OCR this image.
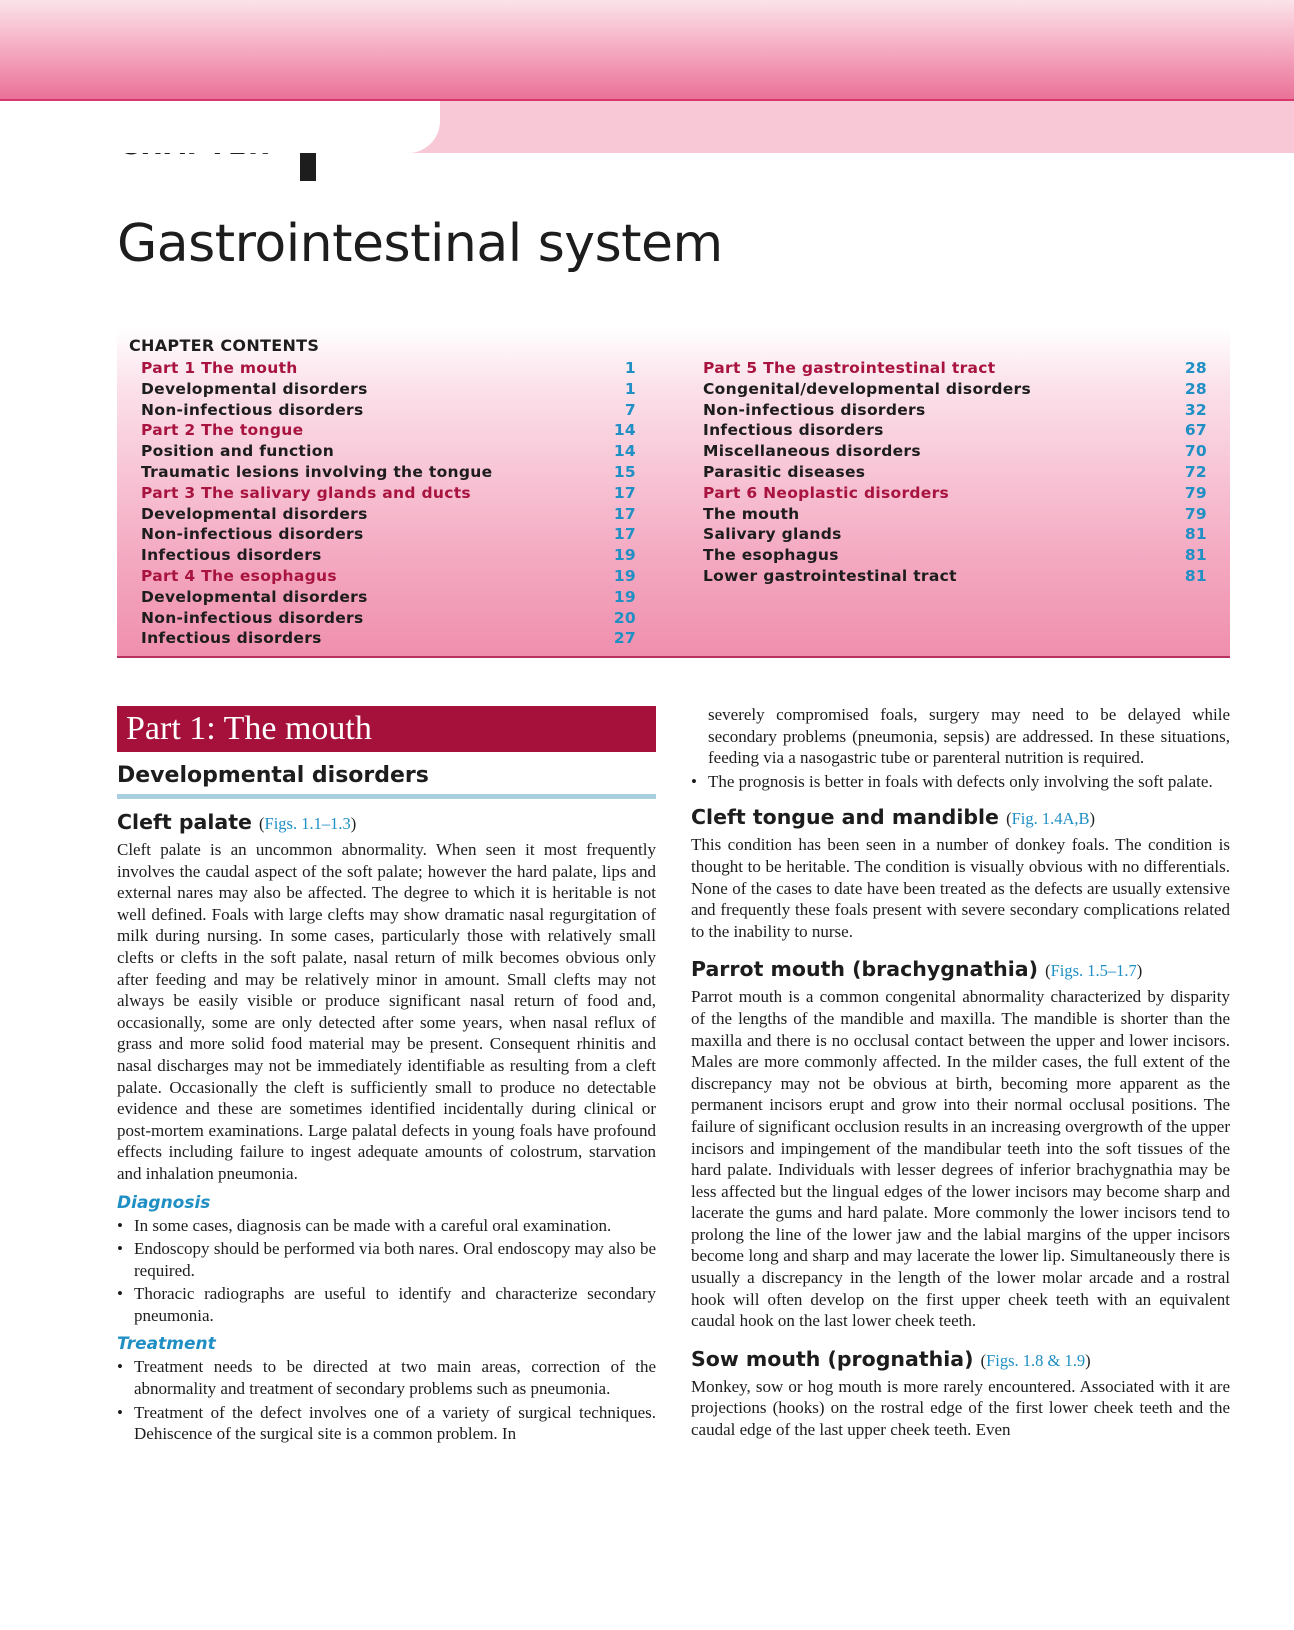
Gastrointestinal system
CHAPTER CONTENTS
Part 1 The mouth	1
Developmental disorders	1
Non-infectious disorders	7
Part 2 The tongue	14
Position and function	14
Traumatic lesions involving the tongue	15
Part 3 The salivary glands and ducts	17
Developmental disorders	17
Non-infectious disorders	17
Infectious disorders	19
Part 4 The esophagus	19
Developmental disorders	19
Non-infectious disorders	20
Infectious disorders	27
Part 5 The gastrointestinal tract	28
Congenital/developmental disorders	28
Non-infectious disorders	32
Infectious disorders	67
Miscellaneous disorders	70
Parasitic diseases	72
Part 6 Neoplastic disorders	79
The mouth	79
Salivary glands	81
The esophagus	81
Lower gastrointestinal tract	81
Part 1: The mouth
Developmental disorders
Cleft palate (Figs. 1.1–1.3)

Cleft palate is an uncommon abnormality. When seen it most frequently involves the caudal aspect of the soft palate; however the hard palate, lips and external nares may also be affected. The degree to which it is heritable is not well defined. Foals with large clefts may show dramatic nasal regurgitation of milk during nursing. In some cases, particularly those with relatively small clefts or clefts in the soft palate, nasal return of milk becomes obvious only after feeding and may be relatively minor in amount. Small clefts may not always be easily visible or produce significant nasal return of food and, occasionally, some are only detected after some years, when nasal reflux of grass and more solid food material may be present. Consequent rhinitis and nasal discharges may not be immediately identifiable as resulting from a cleft palate. Occasionally the cleft is sufficiently small to produce no detectable evidence and these are sometimes identified incidentally during clinical or post-mortem examinations. Large palatal defects in young foals have profound effects including failure to ingest adequate amounts of colostrum, starvation and inhalation pneumonia.

Diagnosis
• In some cases, diagnosis can be made with a careful oral examination.
• Endoscopy should be performed via both nares. Oral endoscopy may also be required.
• Thoracic radiographs are useful to identify and characterize secondary pneumonia.
Treatment
• Treatment needs to be directed at two main areas, correction of the abnormality and treatment of secondary problems such as pneumonia.
• Treatment of the defect involves one of a variety of surgical techniques. Dehiscence of the surgical site is a common problem. In

severely compromised foals, surgery may need to be delayed while secondary problems (pneumonia, sepsis) are addressed. In these situations, feeding via a nasogastric tube or parenteral nutrition is required.

• The prognosis is better in foals with defects only involving the soft palate.
Cleft tongue and mandible (Fig. 1.4A,B)

This condition has been seen in a number of donkey foals. The condition is thought to be heritable. The condition is visually obvious with no differentials. None of the cases to date have been treated as the defects are usually extensive and frequently these foals present with severe secondary complications related to the inability to nurse.

Parrot mouth (brachygnathia) (Figs. 1.5–1.7)

Parrot mouth is a common congenital abnormality characterized by disparity of the lengths of the mandible and maxilla. The mandible is shorter than the maxilla and there is no occlusal contact between the upper and lower incisors. Males are more commonly affected. In the milder cases, the full extent of the discrepancy may not be obvious at birth, becoming more apparent as the permanent incisors erupt and grow into their normal occlusal positions. The failure of significant occlusion results in an increasing overgrowth of the upper incisors and impingement of the mandibular teeth into the soft tissues of the hard palate. Individuals with lesser degrees of inferior brachygnathia may be less affected but the lingual edges of the lower incisors may become sharp and lacerate the gums and hard palate. More commonly the lower incisors tend to prolong the line of the lower jaw and the labial margins of the upper incisors become long and sharp and may lacerate the lower lip. Simultaneously there is usually a discrepancy in the length of the lower molar arcade and a rostral hook will often develop on the first upper cheek teeth with an equivalent caudal hook on the last lower cheek teeth.

Sow mouth (prognathia) (Figs. 1.8 & 1.9)

Monkey, sow or hog mouth is more rarely encountered. Associated with it are projections (hooks) on the rostral edge of the first lower cheek teeth and the caudal edge of the last upper cheek teeth. Even
